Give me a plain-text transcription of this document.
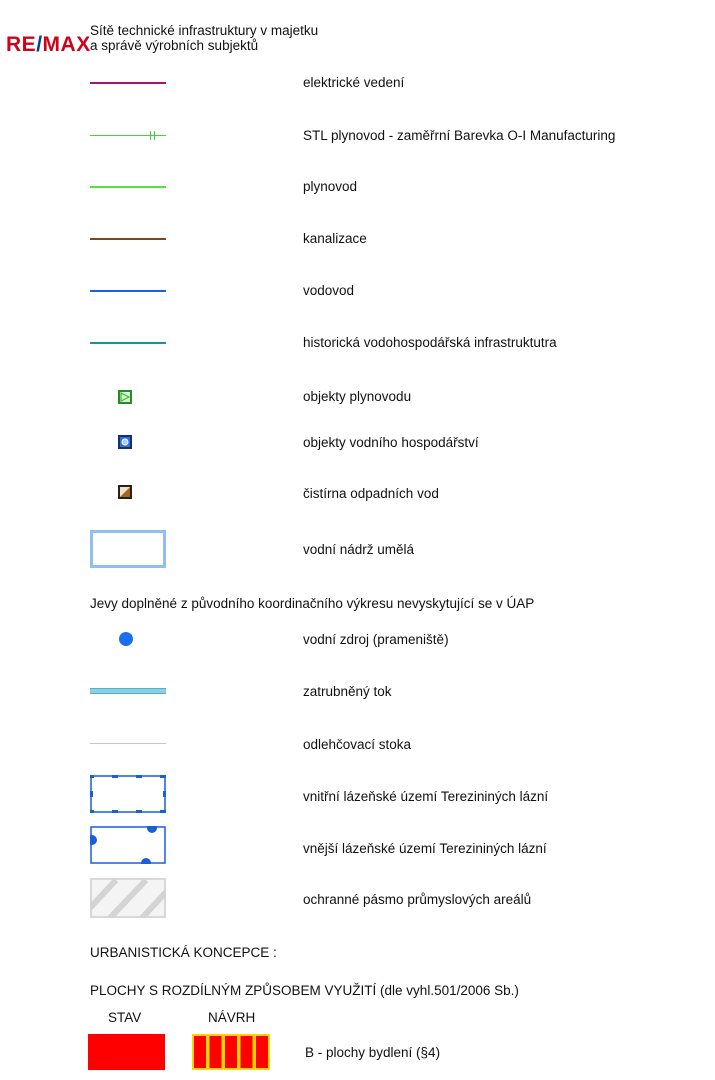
RE/MAX
Sítě technické infrastruktury v majetku
a správě výrobních subjektů
elektrické vedení
STL plynovod - zaměřrní Barevka O-I Manufacturing
plynovod
kanalizace
vodovod
historická vodohospodářská infrastruktutra
objekty plynovodu
objekty vodního hospodářství
čistírna odpadních vod
vodní nádrž umělá
Jevy doplněné z původního koordinačního výkresu nevyskytující se v ÚAP
vodní zdroj (prameniště)
zatrubněný tok
odlehčovací stoka
vnitřní lázeňské území Terezininých lázní
vnější lázeňské území Terezininých lázní
ochranné pásmo průmyslových areálů
URBANISTICKÁ KONCEPCE :
PLOCHY S ROZDÍLNÝM ZPŮSOBEM VYUŽITÍ (dle vyhl.501/2006 Sb.)
STAV	NÁVRH
B - plochy bydlení (§4)
